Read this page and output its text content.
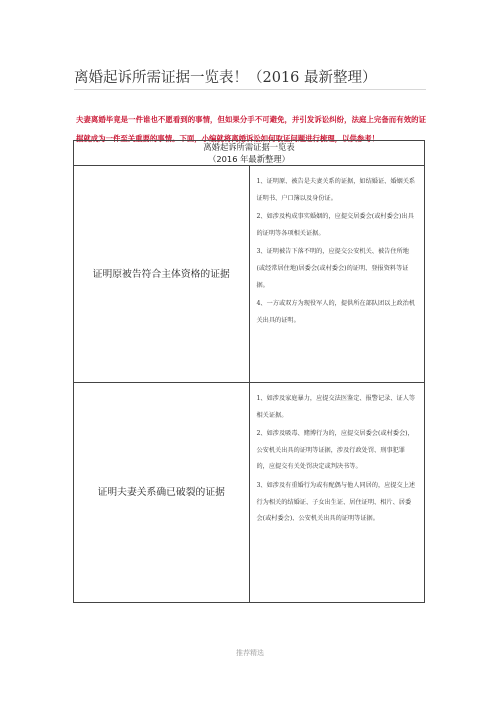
离婚起诉所需证据一览表！（2016 最新整理）
夫妻离婚毕竟是一件谁也不愿看到的事情，但如果分手不可避免，并引发诉讼纠纷，法庭上完备而有效的证据就成为一件至关重要的事情。下面，小编就将离婚诉讼如何取证问题进行梳理，以供参考！
离婚起诉所需证据一览表
（2016 年最新整理）	

证明原被告符合主体资格的证据	1、证明原、被告是夫妻关系的证据，如结婚证、婚姻关系证明书、户口簿以及身份证。

2、如涉及构成事实婚姻的，应提交居委会(或村委会)出具的证明等各项相关证据。

3、证明被告下落不明的，应提交公安机关、被告住所地(或经常居住地)居委会(或村委会)的证明、登报资料等证据。

4、一方或双方为现役军人的，提供所在部队团以上政治机关出具的证明。

证明夫妻关系确已破裂的证据	1、如涉及家庭暴力，应提交法医鉴定、报警记录、证人等相关证据。

2、如涉及吸毒、赌博行为的，应提交居委会(或村委会)，公安机关出具的证明等证据，涉及行政处罚、刑事犯罪的，应提交有关处罚决定或判决书等。

3、如涉及有重婚行为或有配偶与他人同居的，应提交上述行为相关的结婚证、子女出生证、居住证明、相片、居委会(或村委会)、公安机关出具的证明等证据。

推荐精选
